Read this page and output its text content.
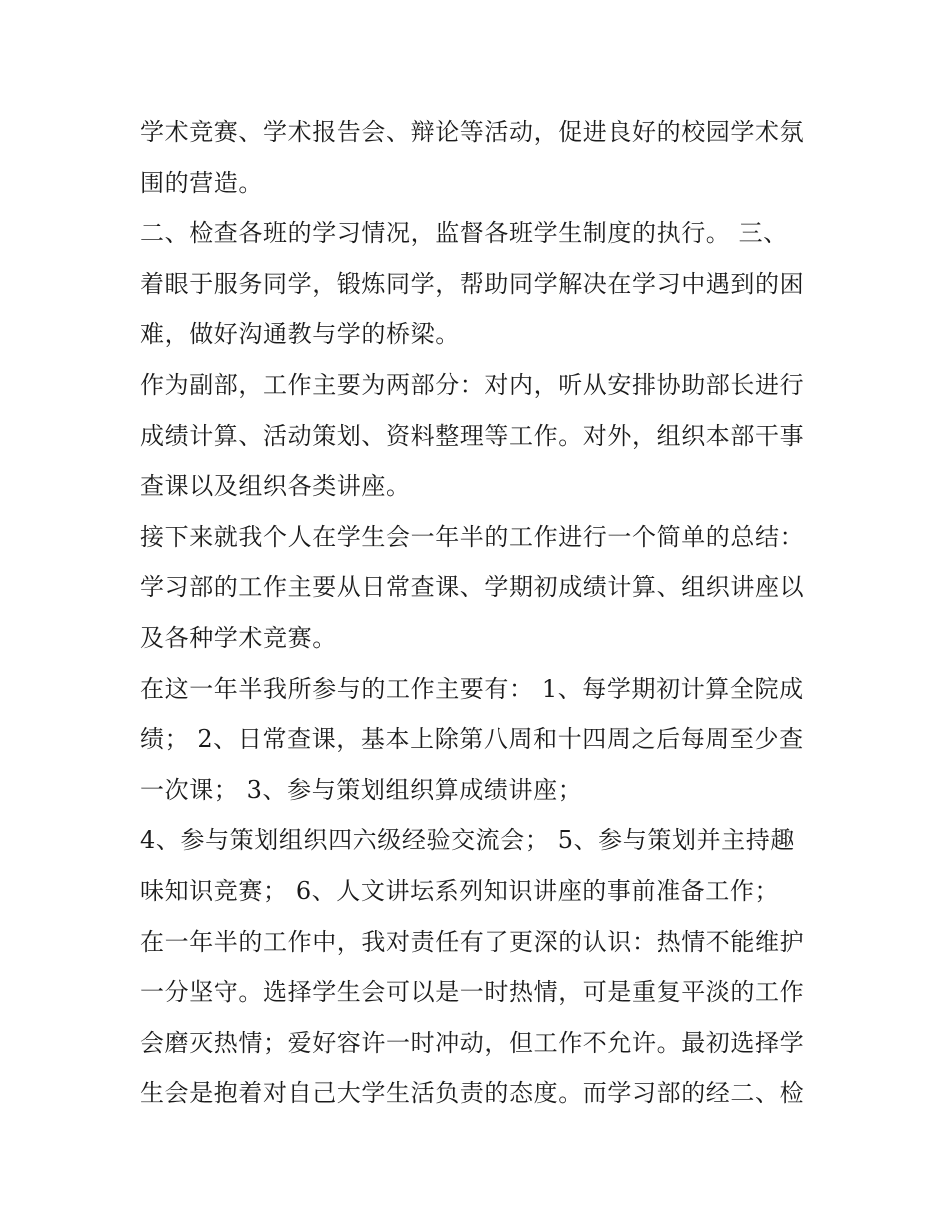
学术竞赛、学术报告会、辩论等活动，促进良好的校园学术氛
围的营造。
二、检查各班的学习情况，监督各班学生制度的执行。 三、
着眼于服务同学，锻炼同学，帮助同学解决在学习中遇到的困
难，做好沟通教与学的桥梁。
作为副部，工作主要为两部分：对内，听从安排协助部长进行
成绩计算、活动策划、资料整理等工作。对外，组织本部干事
查课以及组织各类讲座。
接下来就我个人在学生会一年半的工作进行一个简单的总结：
学习部的工作主要从日常查课、学期初成绩计算、组织讲座以
及各种学术竞赛。
在这一年半我所参与的工作主要有： 1、每学期初计算全院成
绩； 2、日常查课，基本上除第八周和十四周之后每周至少查
一次课； 3、参与策划组织算成绩讲座；
4、参与策划组织四六级经验交流会； 5、参与策划并主持趣
味知识竞赛； 6、人文讲坛系列知识讲座的事前准备工作；
在一年半的工作中，我对责任有了更深的认识：热情不能维护
一分坚守。选择学生会可以是一时热情，可是重复平淡的工作
会磨灭热情；爱好容许一时冲动，但工作不允许。最初选择学
生会是抱着对自己大学生活负责的态度。而学习部的经二、检
